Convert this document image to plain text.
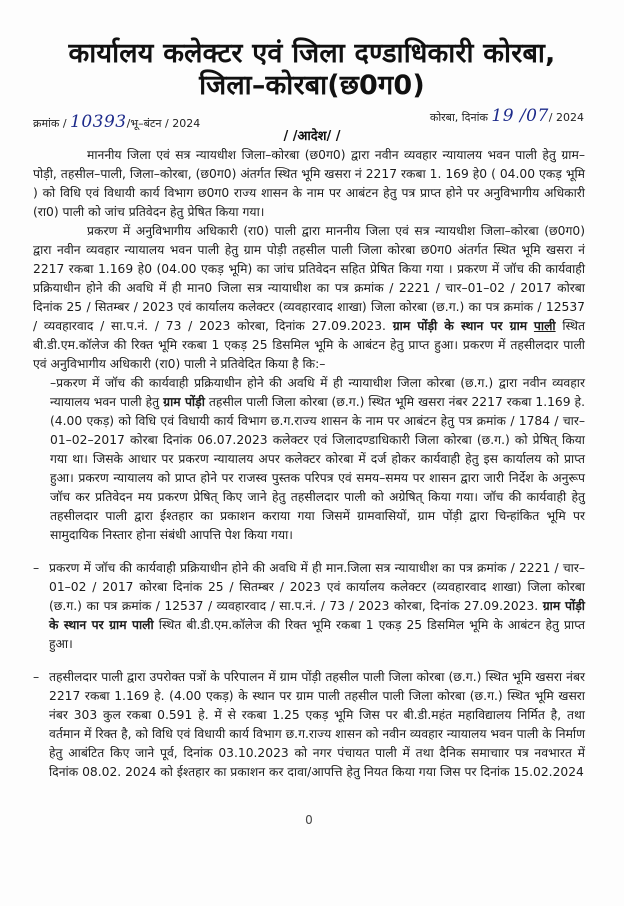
कार्यालय कलेक्टर एवं जिला दण्डाधिकारी कोरबा,
जिला–कोरबा(छ0ग0)
कोरबा, दिनांक 19 /07/ 2024
क्रमांक / 10393/भू–बंटन / 2024
/ /आदेश/ /

माननीय जिला एवं सत्र न्यायधीश जिला–कोरबा (छ0ग0) द्वारा नवीन व्यवहार न्यायालय भवन पाली हेतु ग्राम–पोड़ी, तहसील–पाली, जिला–कोरबा, (छ0ग0) अंतर्गत स्थित भूमि खसरा नं 2217 रकबा 1. 169 हे0 ( 04.00 एकड़ भूमि ) को विधि एवं विधायी कार्य विभाग छ0ग0 राज्य शासन के नाम पर आबंटन हेतु पत्र प्राप्त होने पर अनुविभागीय अधिकारी (रा0) पाली को जांच प्रतिवेदन हेतु प्रेषित किया गया।

प्रकरण में अनुविभागीय अधिकारी (रा0) पाली द्वारा माननीय जिला एवं सत्र न्यायधीश जिला–कोरबा (छ0ग0) द्वारा नवीन व्यवहार न्यायालय भवन पाली हेतु ग्राम पोड़ी तहसील पाली जिला कोरबा छ0ग0 अंतर्गत स्थित भूमि खसरा नं 2217 रकबा 1.169 हे0 (04.00 एकड़ भूमि) का जांच प्रतिवेदन सहित प्रेषित किया गया । प्रकरण में जॉच की कार्यवाही प्रक्रियाधीन होने की अवधि में ही मान0 जिला सत्र न्यायाधीश का पत्र क्रमांक / 2221 / चार–01–02 / 2017 कोरबा दिनांक 25 / सितम्बर / 2023 एवं कार्यालय कलेक्टर (व्यवहारवाद शाखा) जिला कोरबा (छ.ग.) का पत्र क्रमांक / 12537 / व्यवहारवाद / सा.प.नं. / 73 / 2023 कोरबा, दिनांक 27.09.2023. ग्राम पोंड़ी के स्थान पर ग्राम पाली स्थित बी.डी.एम.कॉलेज की रिक्त भूमि रकबा 1 एकड़ 25 डिसमिल भूमि के आबंटन हेतु प्राप्त हुआ। प्रकरण में तहसीलदार पाली एवं अनुविभागीय अधिकारी (रा0) पाली ने प्रतिवेदित किया है कि:–

–प्रकरण में जॉच की कार्यवाही प्रक्रियाधीन होने की अवधि में ही न्यायाधीश जिला कोरबा (छ.ग.) द्वारा नवीन व्यवहार न्यायालय भवन पाली हेतु ग्राम पोंड़ी तहसील पाली जिला कोरबा (छ.ग.) स्थित भूमि खसरा नंबर 2217 रकबा 1.169 हे. (4.00 एकड़) को विधि एवं विधायी कार्य विभाग छ.ग.राज्य शासन के नाम पर आबंटन हेतु पत्र क्रमांक / 1784 / चार–01–02–2017 कोरबा दिनांक 06.07.2023 कलेक्टर एवं जिलादण्डाधिकारी जिला कोरबा (छ.ग.) को प्रेषित् किया गया था। जिसके आधार पर प्रकरण न्यायालय अपर कलेक्टर कोरबा में दर्ज होकर कार्यवाही हेतु इस कार्यालय को प्राप्त हुआ। प्रकरण न्यायालय को प्राप्त होने पर राजस्व पुस्तक परिपत्र एवं समय–समय पर शासन द्वारा जारी निर्देश के अनुरूप जॉच कर प्रतिवेदन मय प्रकरण प्रेषित् किए जाने हेतु तहसीलदार पाली को अग्रेषित् किया गया। जॉच की कार्यवाही हेतु तहसीलदार पाली द्वारा ईश्तहार का प्रकाशन कराया गया जिसमें ग्रामवासियों, ग्राम पोंड़ी द्वारा चिन्हांकित भूमि पर सामुदायिक निस्तार होना संबंधी आपत्ति पेश किया गया।

– प्रकरण में जॉच की कार्यवाही प्रक्रियाधीन होने की अवधि में ही मान.जिला सत्र न्यायाधीश का पत्र क्रमांक / 2221 / चार–01–02 / 2017 कोरबा दिनांक 25 / सितम्बर / 2023 एवं कार्यालय कलेक्टर (व्यवहारवाद शाखा) जिला कोरबा (छ.ग.) का पत्र क्रमांक / 12537 / व्यवहारवाद / सा.प.नं. / 73 / 2023 कोरबा, दिनांक 27.09.2023. ग्राम पोंड़ी के स्थान पर ग्राम पाली स्थित बी.डी.एम.कॉलेज की रिक्त भूमि रकबा 1 एकड़ 25 डिसमिल भूमि के आबंटन हेतु प्राप्त हुआ।
– तहसीलदार पाली द्वारा उपरोक्त पत्रों के परिपालन में ग्राम पोंड़ी तहसील पाली जिला कोरबा (छ.ग.) स्थित भूमि खसरा नंबर 2217 रकबा 1.169 हे. (4.00 एकड़) के स्थान पर ग्राम पाली तहसील पाली जिला कोरबा (छ.ग.) स्थित भूमि खसरा नंबर 303 कुल रकबा 0.591 हे. में से रकबा 1.25 एकड़ भूमि जिस पर बी.डी.महंत महाविद्यालय निर्मित है, तथा वर्तमान में रिक्त है, को विधि एवं विधायी कार्य विभाग छ.ग.राज्य शासन को नवीन व्यवहार न्यायालय भवन पाली के निर्माण हेतु आबंटित किए जाने पूर्व, दिनांक 03.10.2023 को नगर पंचायत पाली में तथा दैनिक समाचाार पत्र नवभारत में दिनांक 08.02. 2024 को ईश्तहार का प्रकाशन कर दावा/आपत्ति हेतु नियत किया गया जिस पर दिनांक 15.02.2024
0
